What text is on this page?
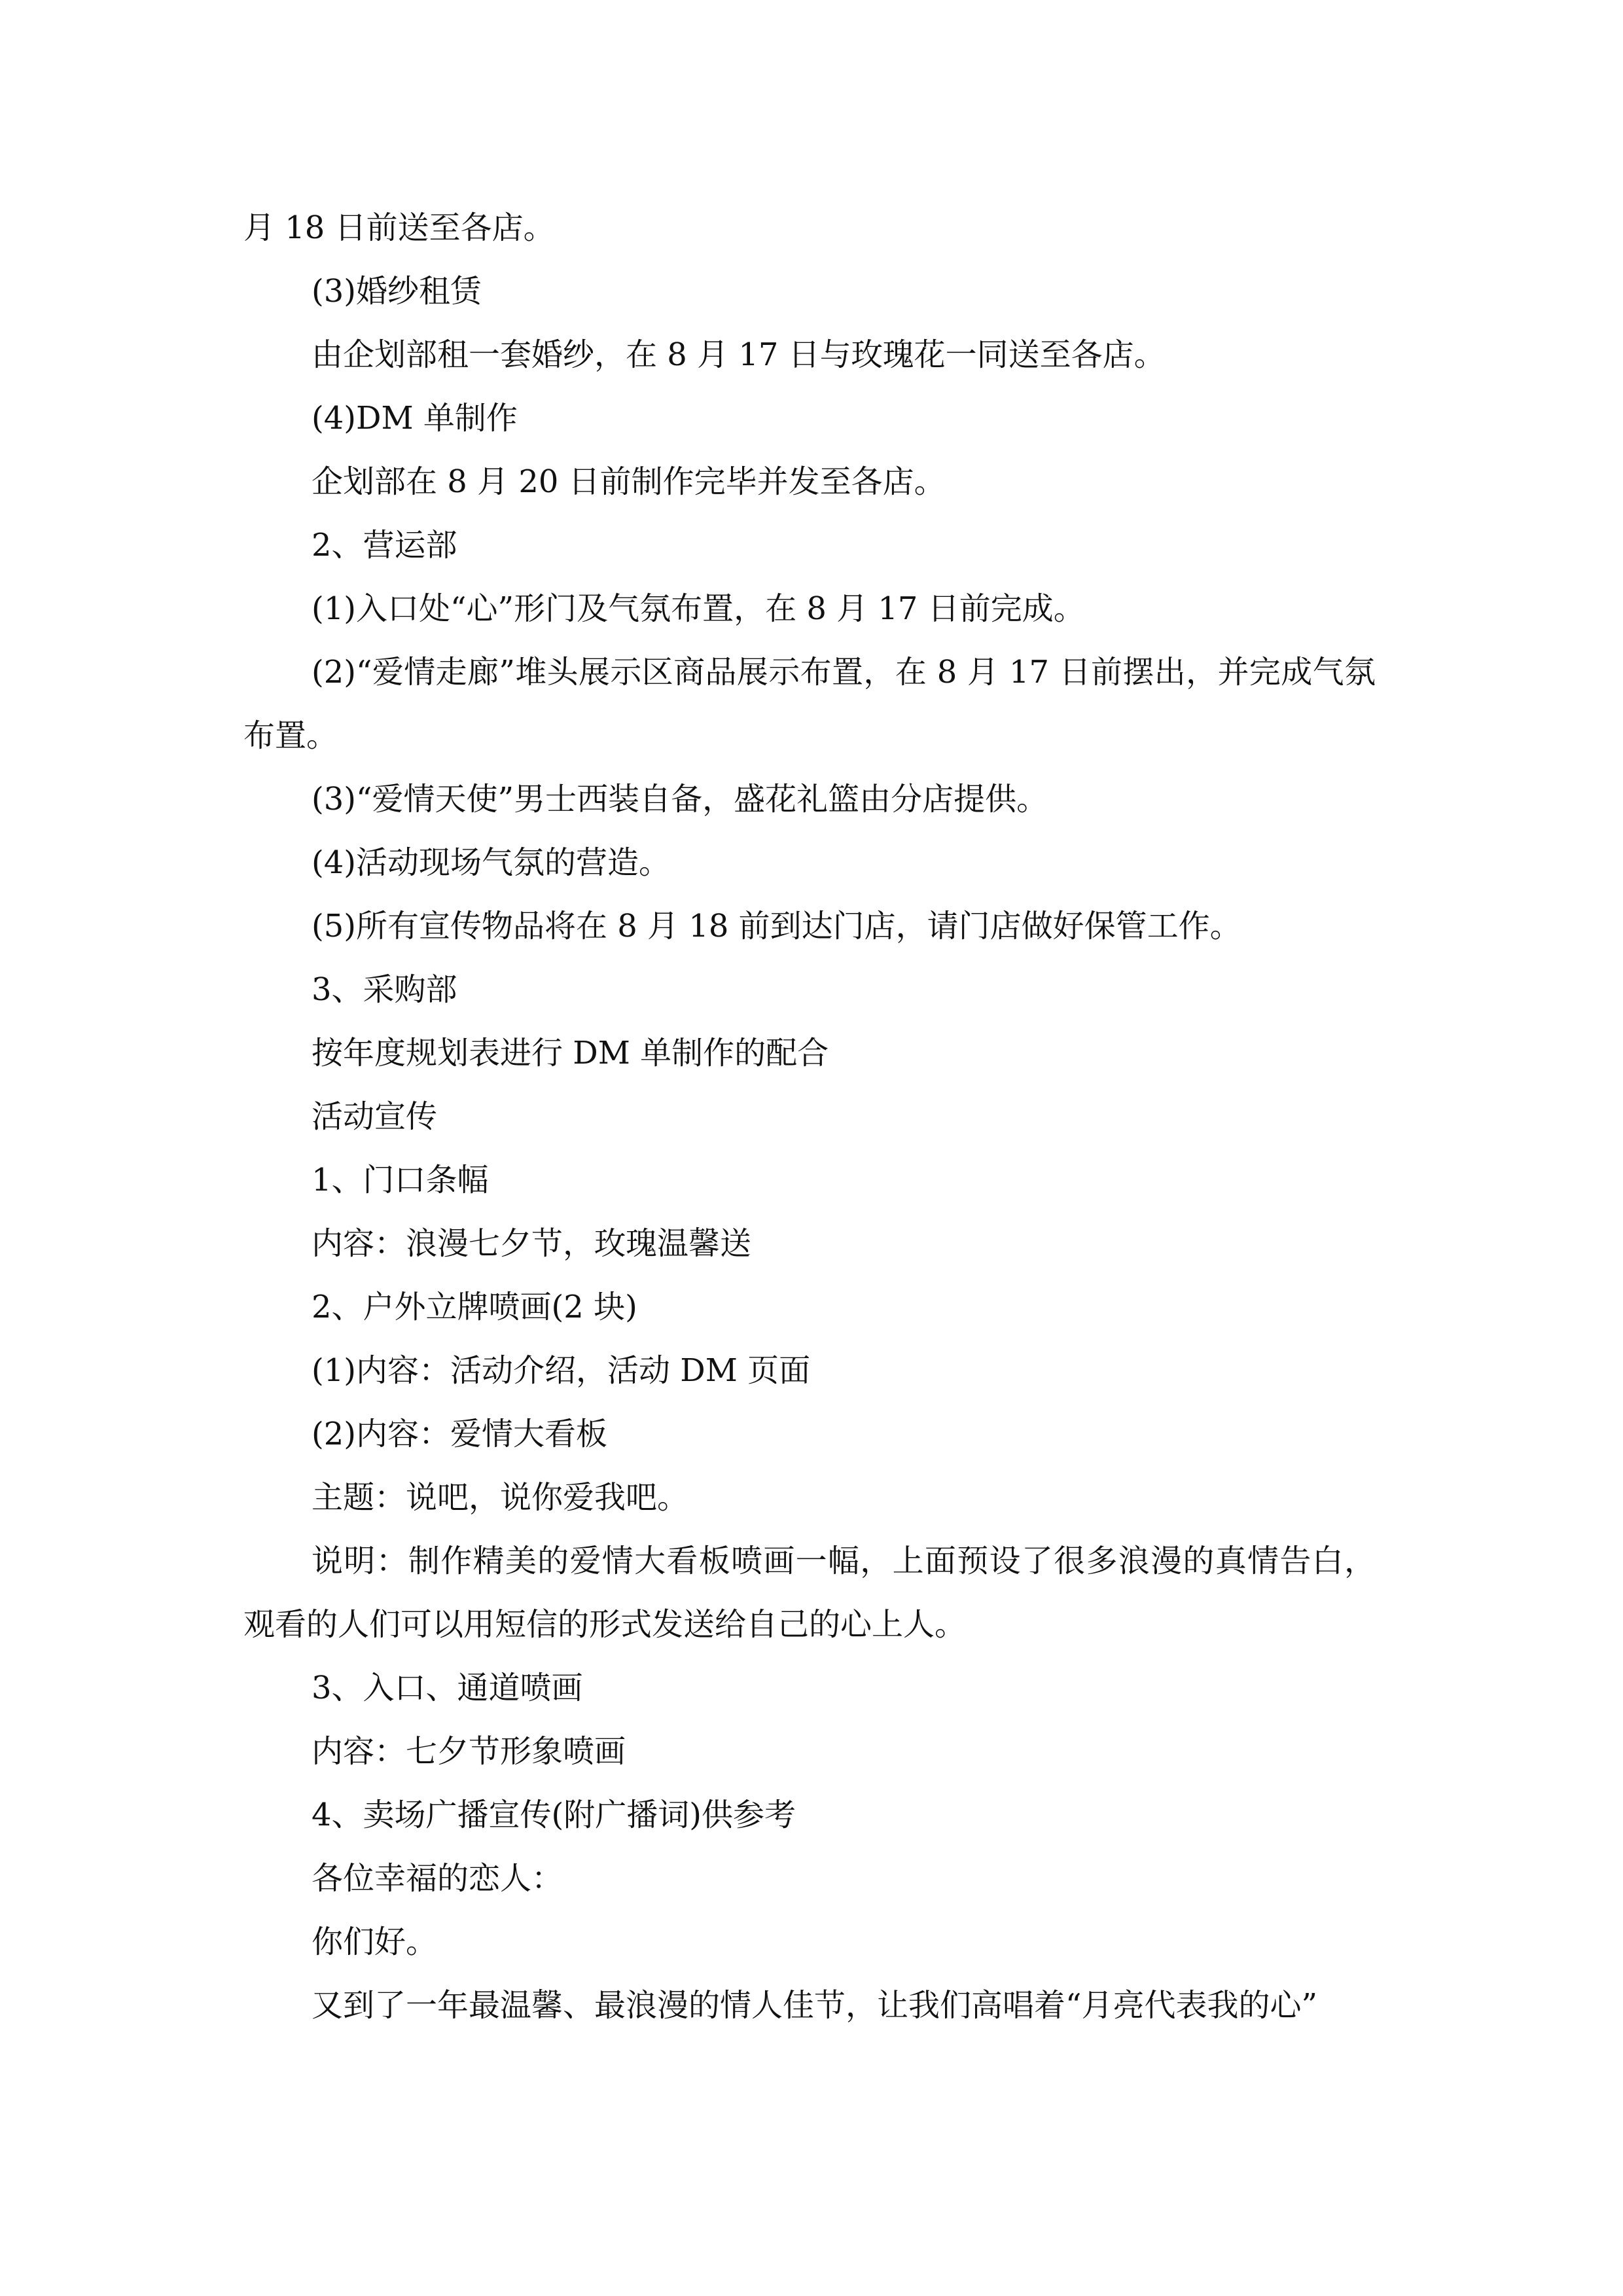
月 18 日前送至各店。
(3)婚纱租赁
由企划部租一套婚纱，在 8 月 17 日与玫瑰花一同送至各店。
(4)DM 单制作
企划部在 8 月 20 日前制作完毕并发至各店。
2、营运部
(1)入口处“心”形门及气氛布置，在 8 月 17 日前完成。
(2)“爱情走廊”堆头展示区商品展示布置，在 8 月 17 日前摆出，并完成气氛布置。
(3)“爱情天使”男士西装自备，盛花礼篮由分店提供。
(4)活动现场气氛的营造。
(5)所有宣传物品将在 8 月 18 前到达门店，请门店做好保管工作。
3、采购部
按年度规划表进行 DM 单制作的配合
活动宣传
1、门口条幅
内容：浪漫七夕节，玫瑰温馨送
2、户外立牌喷画(2 块)
(1)内容：活动介绍，活动 DM 页面
(2)内容：爱情大看板
主题：说吧，说你爱我吧。
说明：制作精美的爱情大看板喷画一幅，上面预设了很多浪漫的真情告白，观看的人们可以用短信的形式发送给自己的心上人。
3、入口、通道喷画
内容：七夕节形象喷画
4、卖场广播宣传(附广播词)供参考
各位幸福的恋人：
你们好。
又到了一年最温馨、最浪漫的情人佳节，让我们高唱着“月亮代表我的心”
